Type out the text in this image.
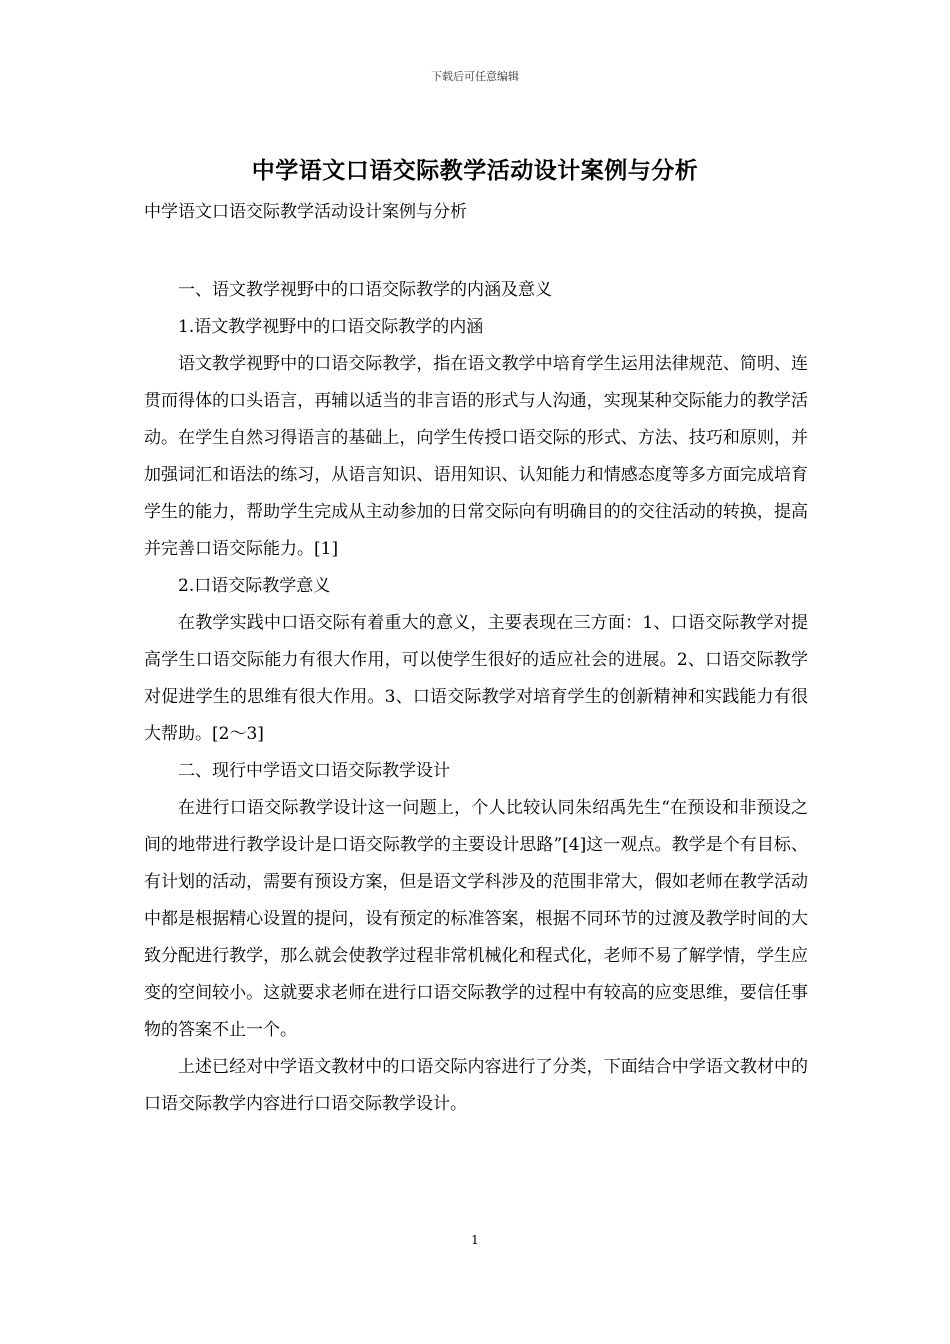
下载后可任意编辑
中学语文口语交际教学活动设计案例与分析

中学语文口语交际教学活动设计案例与分析

一、语文教学视野中的口语交际教学的内涵及意义

1.语文教学视野中的口语交际教学的内涵

语文教学视野中的口语交际教学，指在语文教学中培育学生运用法律规范、简明、连贯而得体的口头语言，再辅以适当的非言语的形式与人沟通，实现某种交际能力的教学活动。在学生自然习得语言的基础上，向学生传授口语交际的形式、方法、技巧和原则，并加强词汇和语法的练习，从语言知识、语用知识、认知能力和情感态度等多方面完成培育学生的能力，帮助学生完成从主动参加的日常交际向有明确目的的交往活动的转换，提高并完善口语交际能力。[1]

2.口语交际教学意义

在教学实践中口语交际有着重大的意义，主要表现在三方面：1、口语交际教学对提高学生口语交际能力有很大作用，可以使学生很好的适应社会的进展。2、口语交际教学对促进学生的思维有很大作用。3、口语交际教学对培育学生的创新精神和实践能力有很大帮助。[2～3]

二、现行中学语文口语交际教学设计

在进行口语交际教学设计这一问题上，个人比较认同朱绍禹先生“在预设和非预设之间的地带进行教学设计是口语交际教学的主要设计思路”[4]这一观点。教学是个有目标、有计划的活动，需要有预设方案，但是语文学科涉及的范围非常大，假如老师在教学活动中都是根据精心设置的提问，设有预定的标准答案，根据不同环节的过渡及教学时间的大致分配进行教学，那么就会使教学过程非常机械化和程式化，老师不易了解学情，学生应变的空间较小。这就要求老师在进行口语交际教学的过程中有较高的应变思维，要信任事物的答案不止一个。

上述已经对中学语文教材中的口语交际内容进行了分类，下面结合中学语文教材中的口语交际教学内容进行口语交际教学设计。

1
